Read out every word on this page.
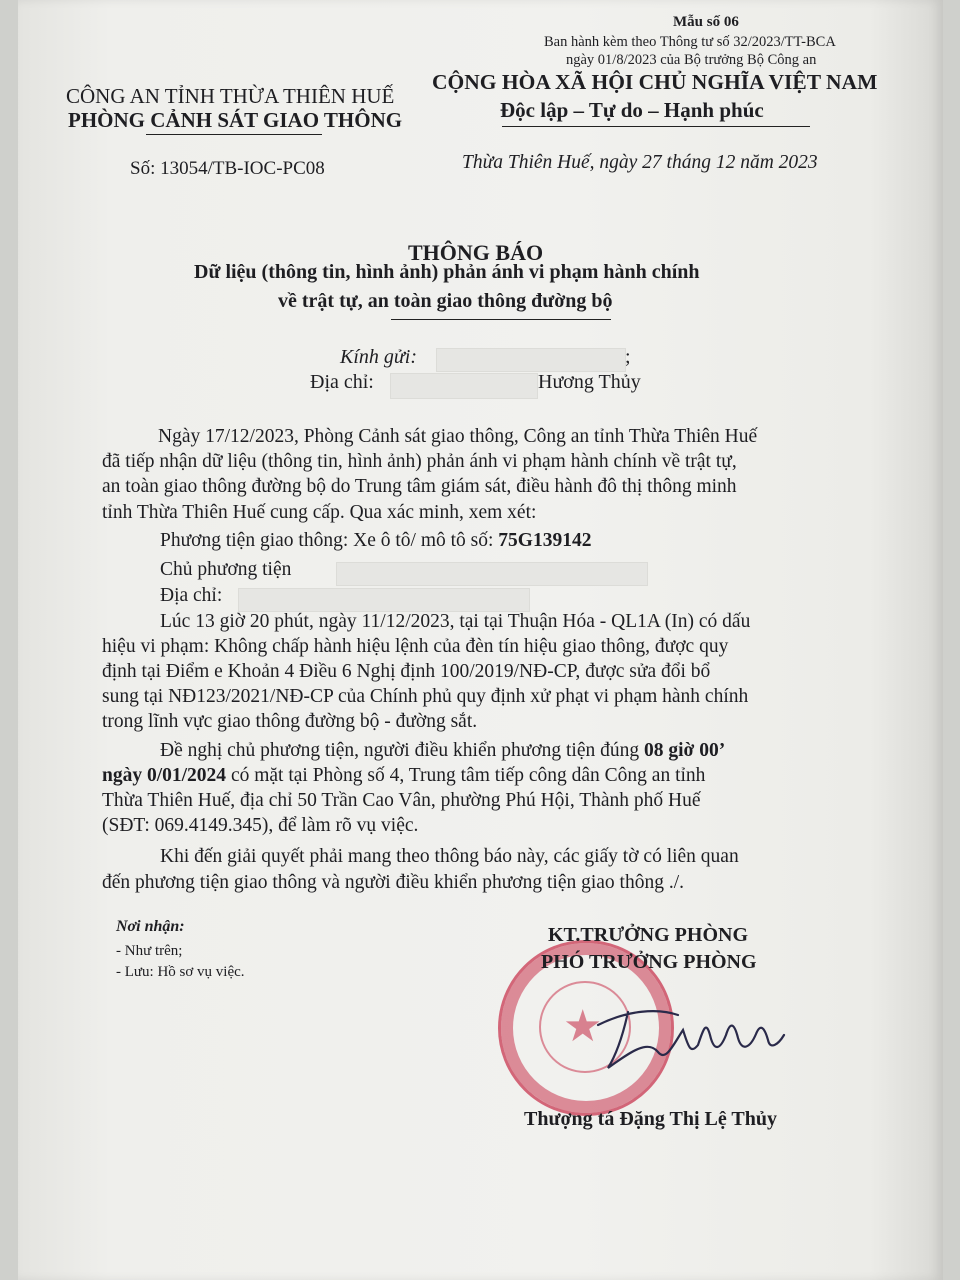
Mẫu số 06
Ban hành kèm theo Thông tư số 32/2023/TT-BCA
ngày 01/8/2023 của Bộ trưởng Bộ Công an
CÔNG AN TỈNH THỪA THIÊN HUẾ
PHÒNG CẢNH SÁT GIAO THÔNG
CỘNG HÒA XÃ HỘI CHỦ NGHĨA VIỆT NAM
Độc lập – Tự do – Hạnh phúc
Số: 13054/TB-IOC-PC08	Thừa Thiên Huế, ngày 27 tháng 12 năm 2023
THÔNG BÁO
Dữ liệu (thông tin, hình ảnh) phản ánh vi phạm hành chính
về trật tự, an toàn giao thông đường bộ
Kính gửi:	;
Địa chỉ:	Hương Thủy
Ngày 17/12/2023, Phòng Cảnh sát giao thông, Công an tỉnh Thừa Thiên Huế
đã tiếp nhận dữ liệu (thông tin, hình ảnh) phản ánh vi phạm hành chính về trật tự,
an toàn giao thông đường bộ do Trung tâm giám sát, điều hành đô thị thông minh
tỉnh Thừa Thiên Huế cung cấp. Qua xác minh, xem xét:
Phương tiện giao thông: Xe ô tô/ mô tô số: 75G139142
Chủ phương tiện
Địa chỉ:
Lúc 13 giờ 20 phút, ngày 11/12/2023, tại tại Thuận Hóa - QL1A (In) có dấu
hiệu vi phạm: Không chấp hành hiệu lệnh của đèn tín hiệu giao thông, được quy
định tại Điểm e Khoản 4 Điều 6 Nghị định 100/2019/NĐ-CP, được sửa đổi bổ
sung tại NĐ123/2021/NĐ-CP của Chính phủ quy định xử phạt vi phạm hành chính
trong lĩnh vực giao thông đường bộ - đường sắt.
Đề nghị chủ phương tiện, người điều khiển phương tiện đúng 08 giờ 00’
ngày 0/01/2024 có mặt tại Phòng số 4, Trung tâm tiếp công dân Công an tỉnh
Thừa Thiên Huế, địa chỉ 50 Trần Cao Vân, phường Phú Hội, Thành phố Huế
(SĐT: 069.4149.345), để làm rõ vụ việc.
Khi đến giải quyết phải mang theo thông báo này, các giấy tờ có liên quan
đến phương tiện giao thông và người điều khiển phương tiện giao thông ./.
Nơi nhận:
- Như trên;
- Lưu: Hồ sơ vụ việc.
★
KT.TRƯỞNG PHÒNG
PHÓ TRƯỞNG PHÒNG
Thượng tá Đặng Thị Lệ Thủy
